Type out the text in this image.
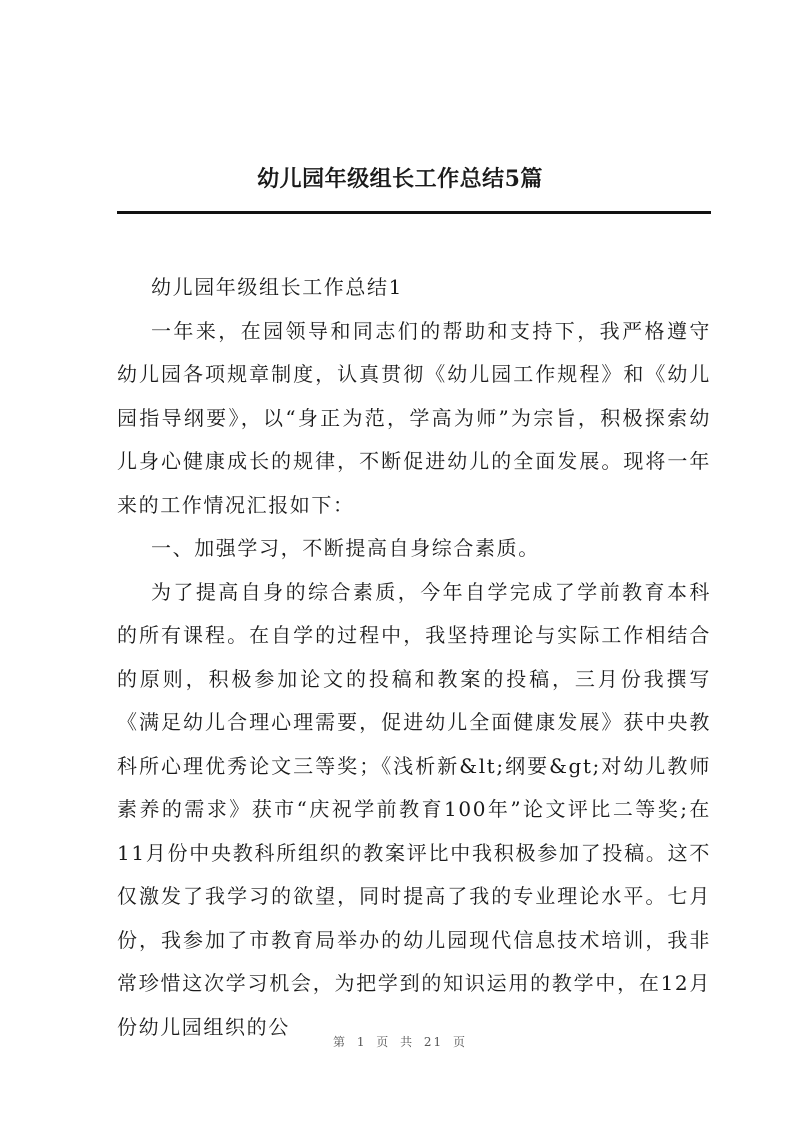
幼儿园年级组长工作总结5篇

幼儿园年级组长工作总结1

一年来，在园领导和同志们的帮助和支持下，我严格遵守幼儿园各项规章制度，认真贯彻《幼儿园工作规程》和《幼儿园指导纲要》，以“身正为范，学高为师”为宗旨，积极探索幼儿身心健康成长的规律，不断促进幼儿的全面发展。现将一年来的工作情况汇报如下：

一、加强学习，不断提高自身综合素质。

为了提高自身的综合素质，今年自学完成了学前教育本科的所有课程。在自学的过程中，我坚持理论与实际工作相结合的原则，积极参加论文的投稿和教案的投稿，三月份我撰写《满足幼儿合理心理需要，促进幼儿全面健康发展》获中央教科所心理优秀论文三等奖；《浅析新&lt;纲要&gt;对幼儿教师素养的需求》获市“庆祝学前教育100年”论文评比二等奖;在11月份中央教科所组织的教案评比中我积极参加了投稿。这不仅激发了我学习的欲望，同时提高了我的专业理论水平。七月份，我参加了市教育局举办的幼儿园现代信息技术培训，我非常珍惜这次学习机会，为把学到的知识运用的教学中，在12月份幼儿园组织的公

第 1 页 共 21 页
